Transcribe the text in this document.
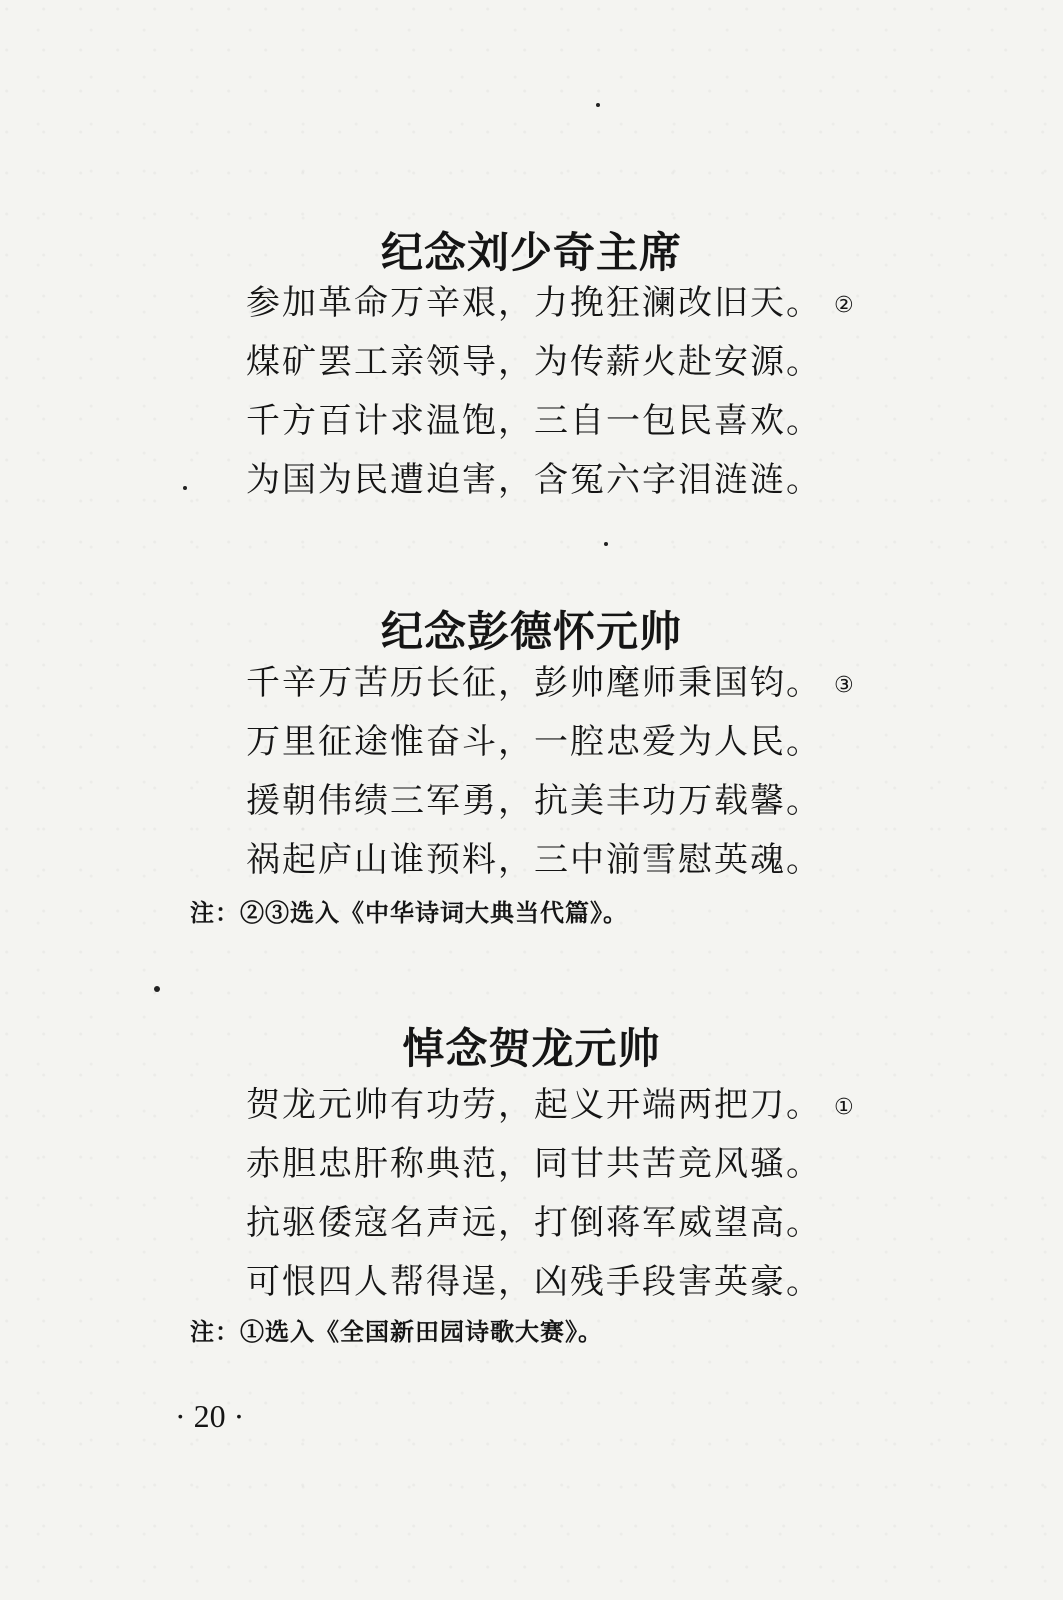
纪念刘少奇主席
参加革命万辛艰，力挽狂澜改旧天。 ②
煤矿罢工亲领导，为传薪火赴安源。
千方百计求温饱，三自一包民喜欢。
为国为民遭迫害，含冤六字泪涟涟。
纪念彭德怀元帅
千辛万苦历长征，彭帅麾师秉国钧。 ③
万里征途惟奋斗，一腔忠爱为人民。
援朝伟绩三军勇，抗美丰功万载馨。
祸起庐山谁预料，三中湔雪慰英魂。

注：②③选入《中华诗词大典当代篇》。

悼念贺龙元帅
贺龙元帅有功劳，起义开端两把刀。 ①
赤胆忠肝称典范，同甘共苦竞风骚。
抗驱倭寇名声远，打倒蒋军威望高。
可恨四人帮得逞，凶残手段害英豪。

注：①选入《全国新田园诗歌大赛》。

· 20 ·
